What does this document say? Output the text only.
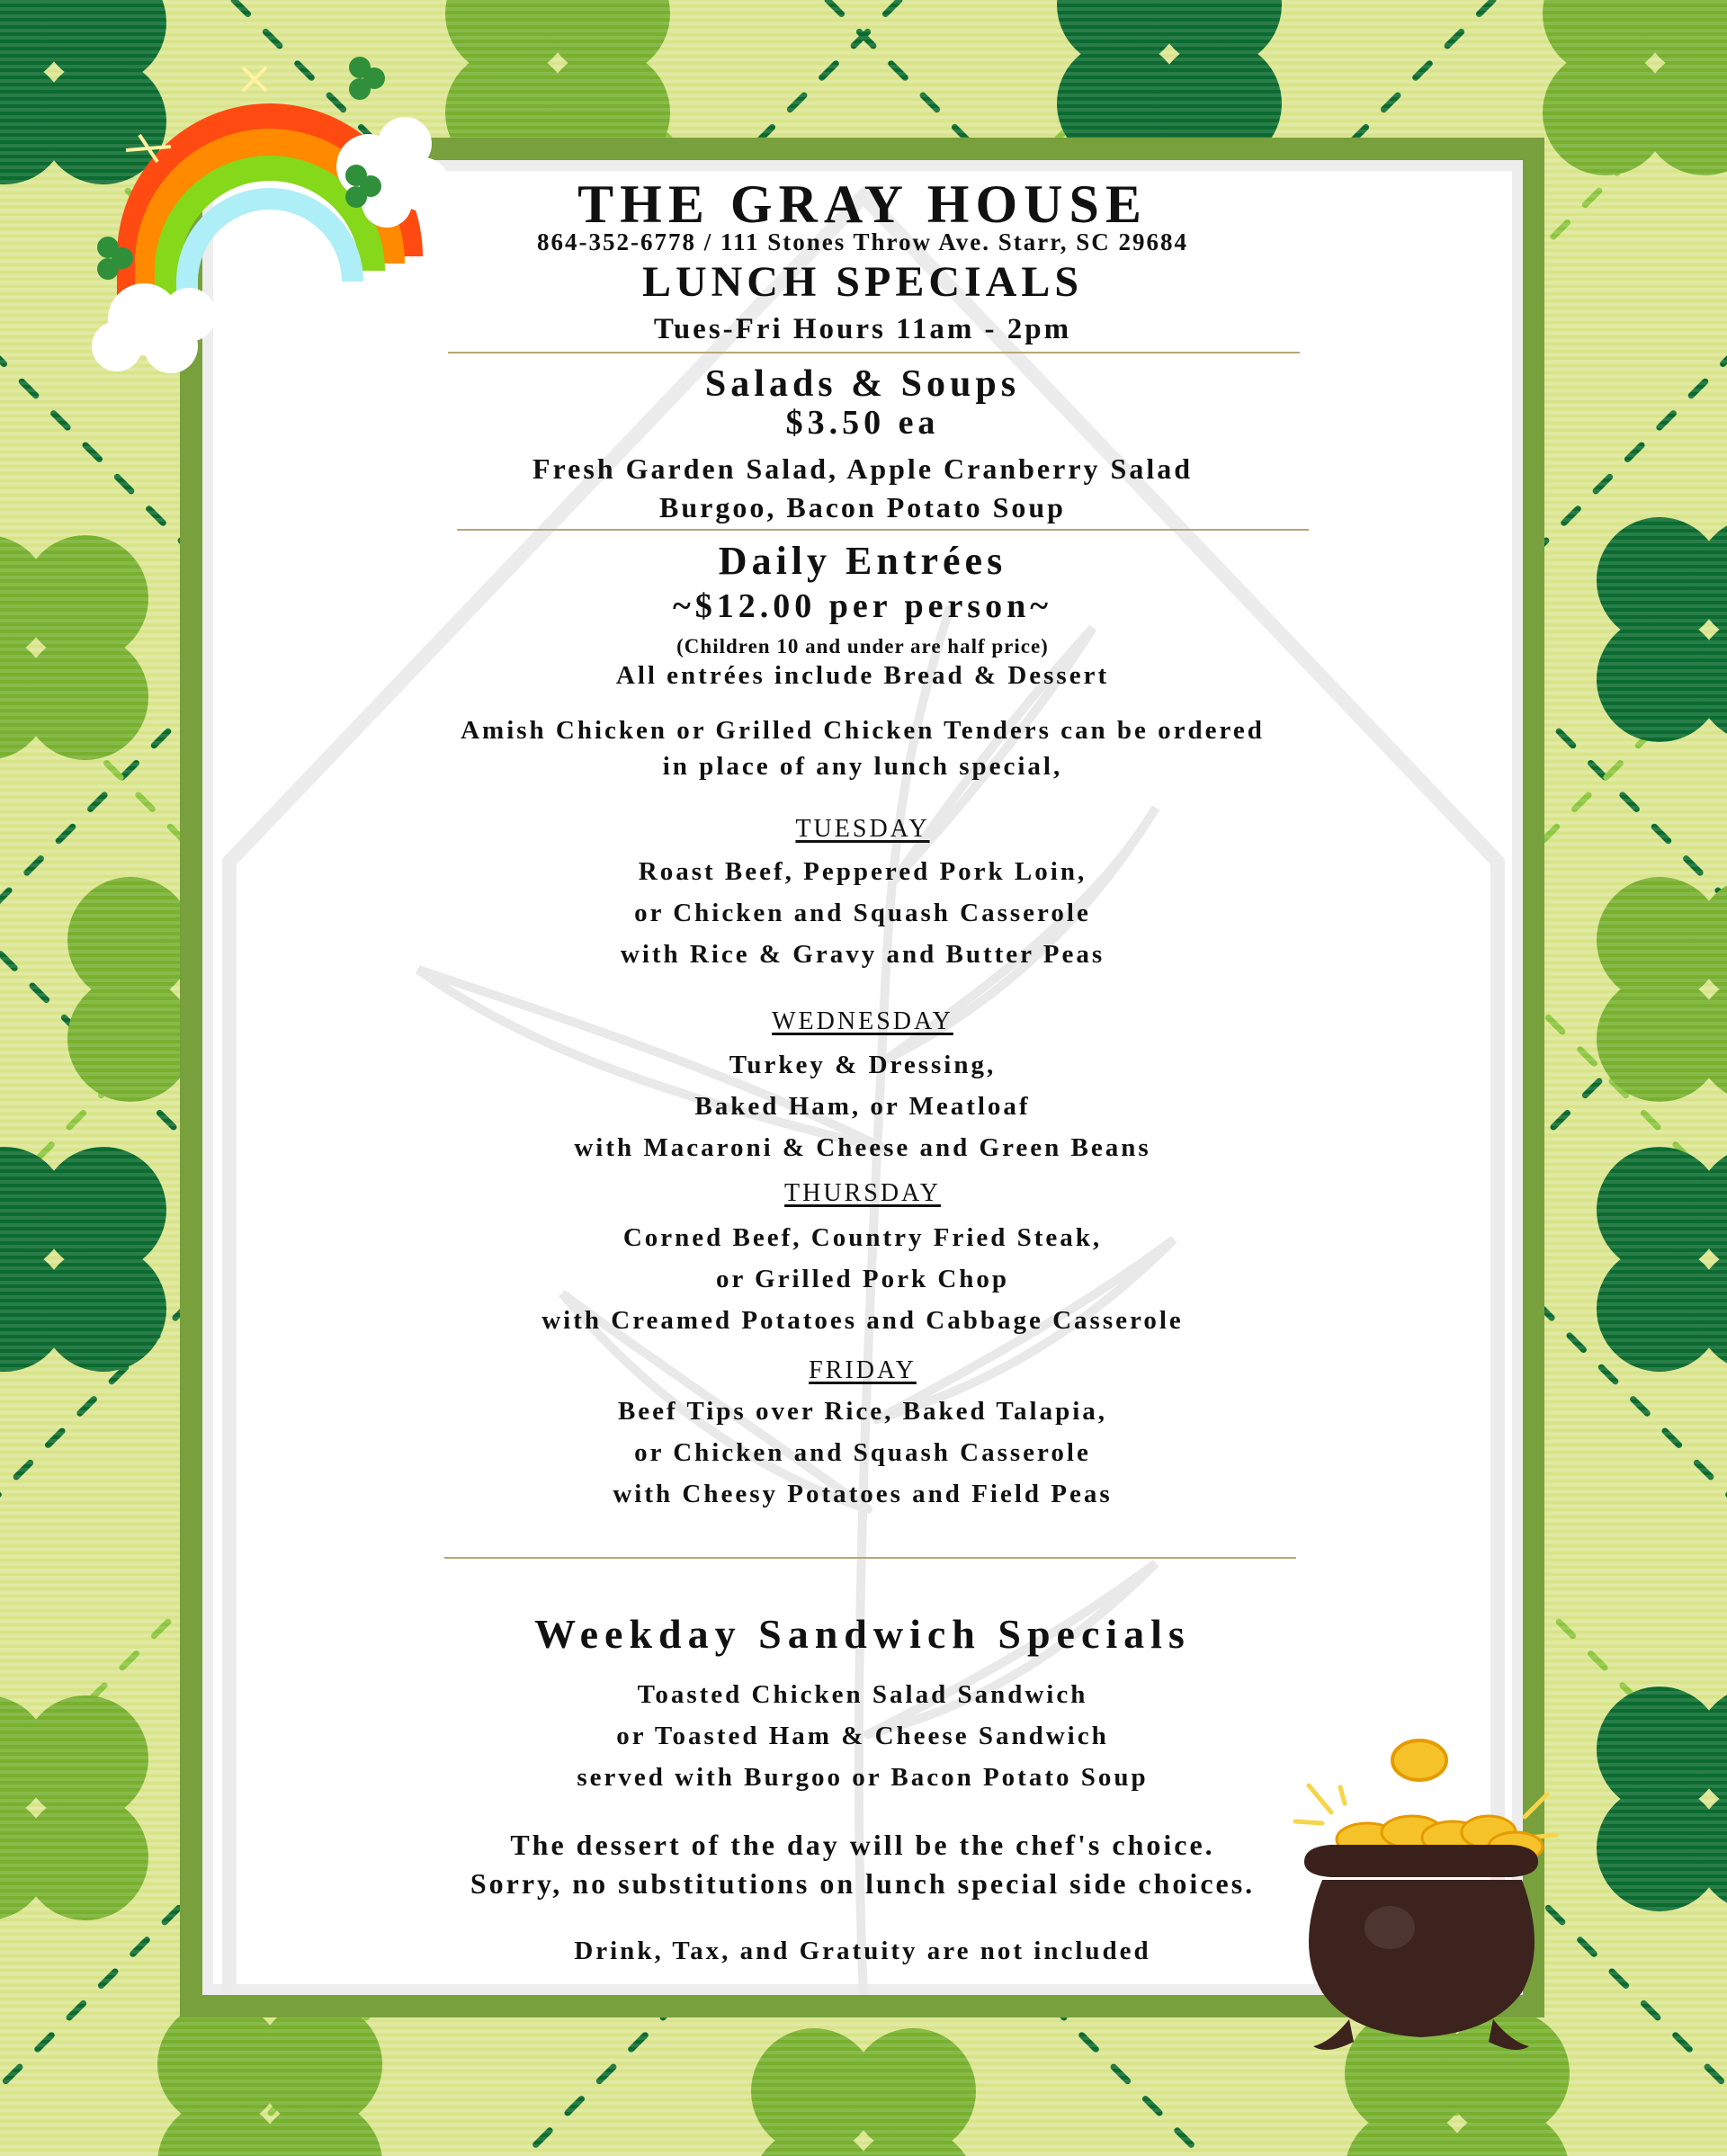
THE GRAY HOUSE
864-352-6778 / 111 Stones Throw Ave. Starr, SC 29684
LUNCH SPECIALS
Tues-Fri Hours 11am - 2pm
Salads & Soups
$3.50 ea
Fresh Garden Salad, Apple Cranberry Salad
Burgoo, Bacon Potato Soup
Daily Entrées
~$12.00 per person~
(Children 10 and under are half price)
All entrées include Bread & Dessert
Amish Chicken or Grilled Chicken Tenders can be ordered
in place of any lunch special,
TUESDAY
Roast Beef, Peppered Pork Loin,
or Chicken and Squash Casserole
with Rice & Gravy and Butter Peas
WEDNESDAY
Turkey & Dressing,
Baked Ham, or Meatloaf
with Macaroni & Cheese and Green Beans
THURSDAY
Corned Beef, Country Fried Steak,
or Grilled Pork Chop
with Creamed Potatoes and Cabbage Casserole
FRIDAY
Beef Tips over Rice, Baked Talapia,
or Chicken and Squash Casserole
with Cheesy Potatoes and Field Peas
Weekday Sandwich Specials
Toasted Chicken Salad Sandwich
or Toasted Ham & Cheese Sandwich
served with Burgoo or Bacon Potato Soup
The dessert of the day will be the chef's choice.
Sorry, no substitutions on lunch special side choices.
Drink, Tax, and Gratuity are not included
